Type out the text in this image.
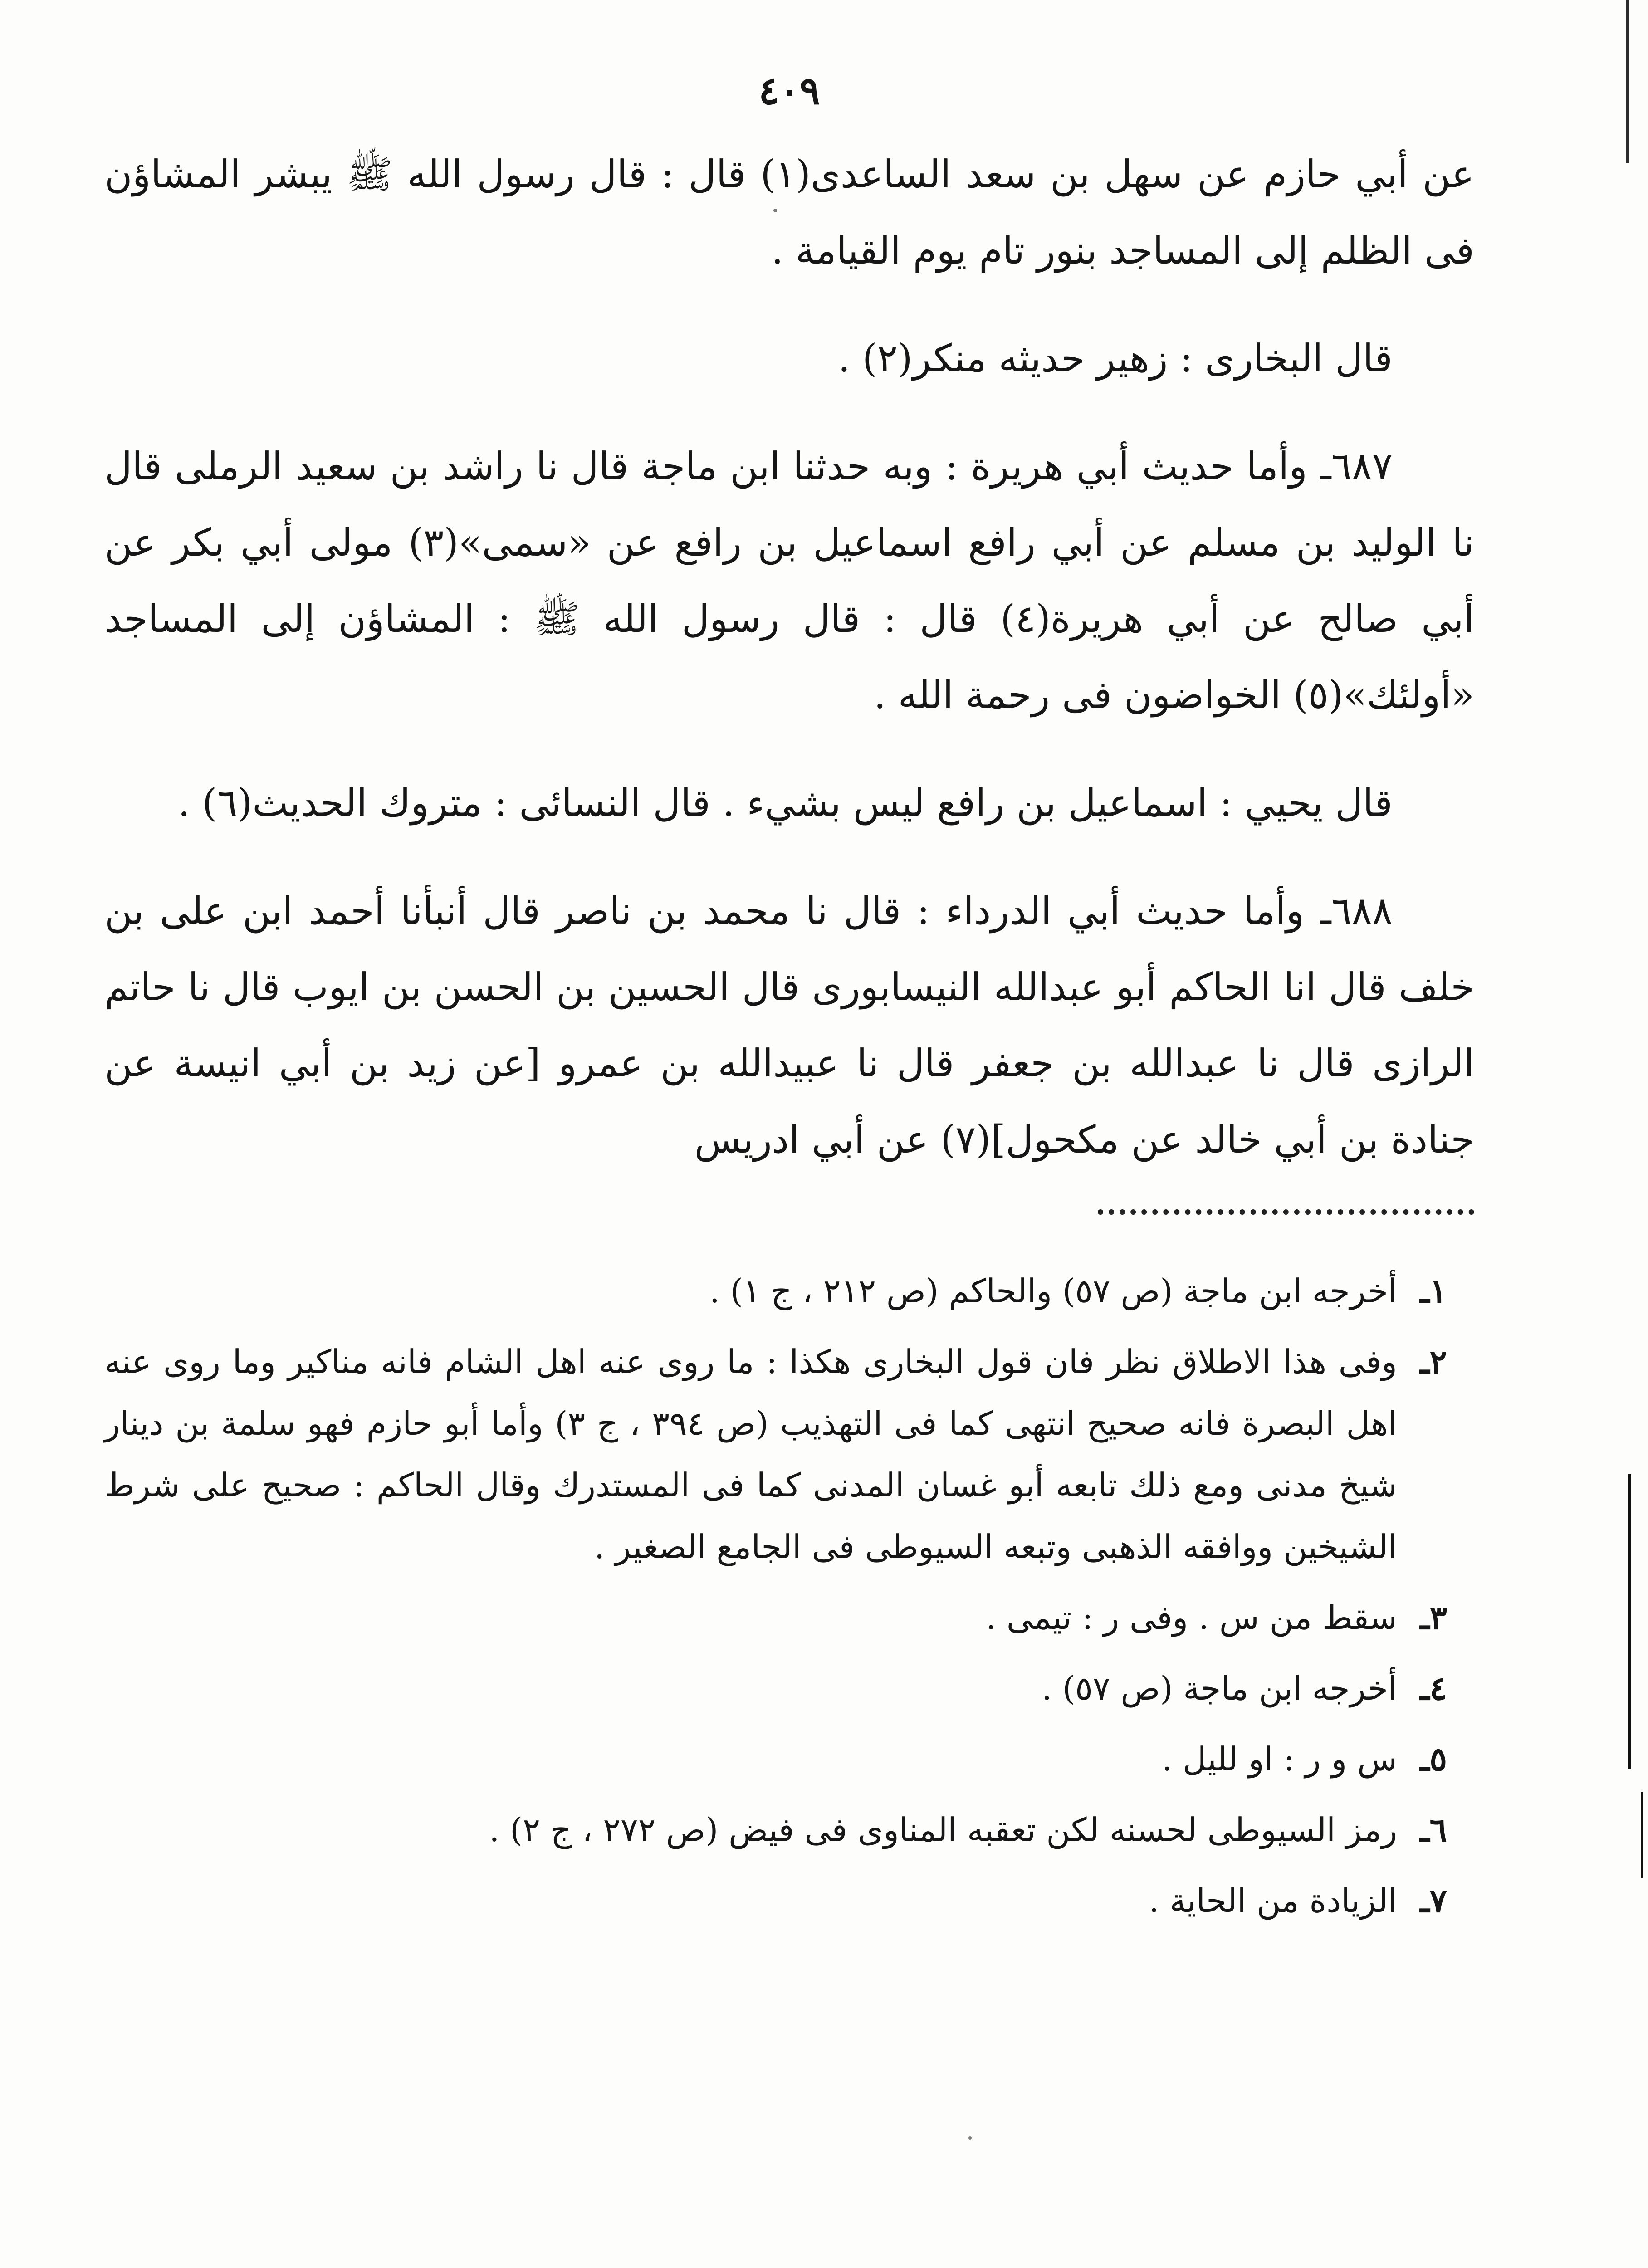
٤٠٩
عن أبي حازم عن سهل بن سعد الساعدى(١) قال : قال رسول الله ﷺ يبشر المشاؤن فى الظلم إلى المساجد بنور تام يوم القيامة .
قال البخارى : زهير حديثه منكر(٢) .
٦٨٧ـ وأما حديث أبي هريرة : وبه حدثنا ابن ماجة قال نا راشد بن سعيد الرملى قال نا الوليد بن مسلم عن أبي رافع اسماعيل بن رافع عن «سمى»(٣) مولى أبي بكر عن أبي صالح عن أبي هريرة(٤) قال : قال رسول الله ﷺ : المشاؤن إلى المساجد «أولئك»(٥) الخواضون فى رحمة الله .
قال يحيي : اسماعيل بن رافع ليس بشيء . قال النسائى : متروك الحديث(٦) .
٦٨٨ـ وأما حديث أبي الدرداء : قال نا محمد بن ناصر قال أنبأنا أحمد ابن على بن خلف قال انا الحاكم أبو عبدالله النيسابورى قال الحسين بن الحسن بن ايوب قال نا حاتم الرازى قال نا عبدالله بن جعفر قال نا عبيدالله بن عمرو [عن زيد بن أبي انيسة عن جنادة بن أبي خالد عن مكحول](٧) عن أبي ادريس
١ـ
أخرجه ابن ماجة (ص ٥٧) والحاكم (ص ٢١٢ ، ج ١) .
٢ـ
وفى هذا الاطلاق نظر فان قول البخارى هكذا : ما روى عنه اهل الشام فانه مناكير وما روى عنه اهل البصرة فانه صحيح انتهى كما فى التهذيب (ص ٣٩٤ ، ج ٣) وأما أبو حازم فهو سلمة بن دينار شيخ مدنى ومع ذلك تابعه أبو غسان المدنى كما فى المستدرك وقال الحاكم : صحيح على شرط الشيخين ووافقه الذهبى وتبعه السيوطى فى الجامع الصغير .
٣ـ
سقط من س . وفى ر : تيمى .
٤ـ
أخرجه ابن ماجة (ص ٥٧) .
٥ـ
س و ر : او لليل .
٦ـ
رمز السيوطى لحسنه لكن تعقبه المناوى فى فيض (ص ٢٧٢ ، ج ٢) .
٧ـ
الزيادة من الحاية .
